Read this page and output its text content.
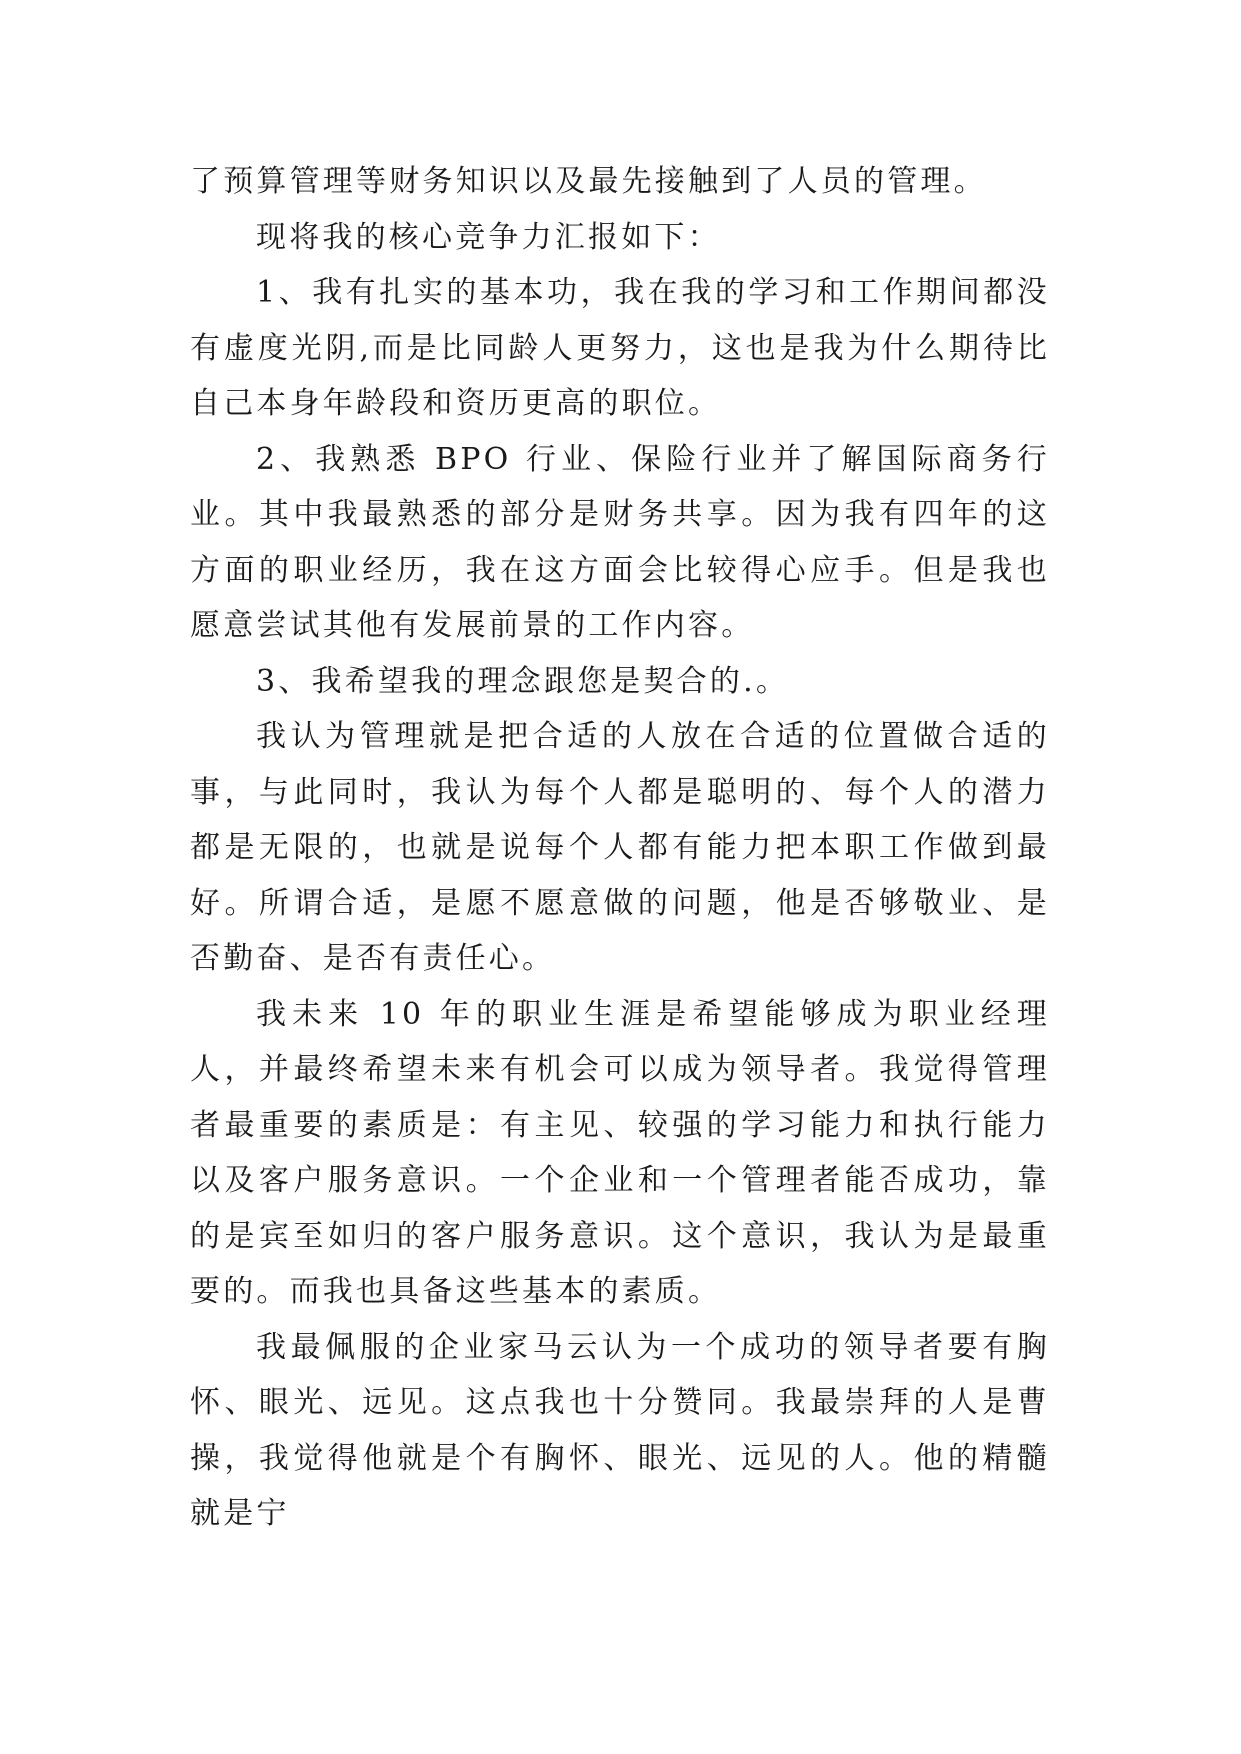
了预算管理等财务知识以及最先接触到了人员的管理。

现将我的核心竞争力汇报如下：

1、我有扎实的基本功，我在我的学习和工作期间都没有虚度光阴,而是比同龄人更努力，这也是我为什么期待比自己本身年龄段和资历更高的职位。

2、我熟悉 BPO 行业、保险行业并了解国际商务行业。其中我最熟悉的部分是财务共享。因为我有四年的这方面的职业经历，我在这方面会比较得心应手。但是我也愿意尝试其他有发展前景的工作内容。

3、我希望我的理念跟您是契合的.。

我认为管理就是把合适的人放在合适的位置做合适的事，与此同时，我认为每个人都是聪明的、每个人的潜力都是无限的，也就是说每个人都有能力把本职工作做到最好。所谓合适，是愿不愿意做的问题，他是否够敬业、是否勤奋、是否有责任心。

我未来 10 年的职业生涯是希望能够成为职业经理人，并最终希望未来有机会可以成为领导者。我觉得管理者最重要的素质是：有主见、较强的学习能力和执行能力以及客户服务意识。一个企业和一个管理者能否成功，靠的是宾至如归的客户服务意识。这个意识，我认为是最重要的。而我也具备这些基本的素质。

我最佩服的企业家马云认为一个成功的领导者要有胸怀、眼光、远见。这点我也十分赞同。我最崇拜的人是曹操，我觉得他就是个有胸怀、眼光、远见的人。他的精髓就是宁
